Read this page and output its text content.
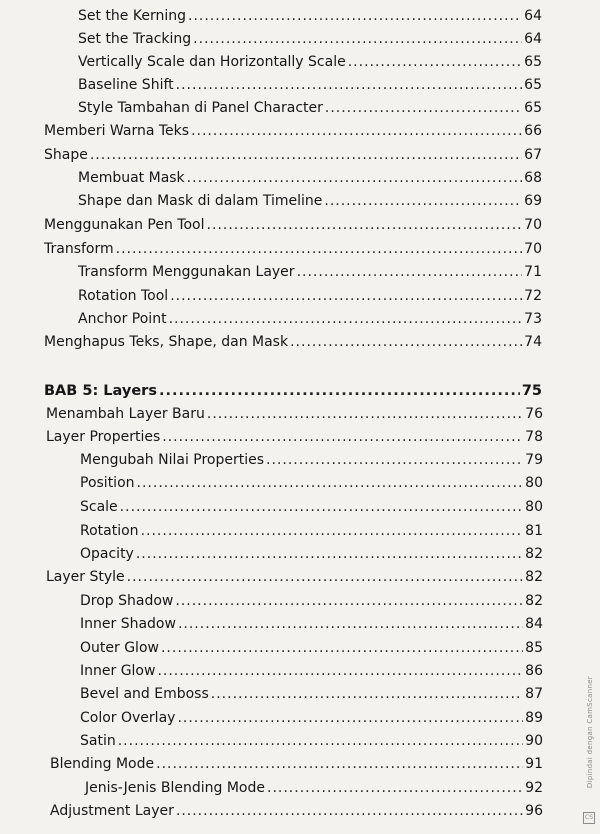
Set the Kerning .....	64
Set the Tracking .....	64
Vertically Scale dan Horizontally Scale .....	65
Baseline Shift .....	65
Style Tambahan di Panel Character .....	65
Memberi Warna Teks .....	66
Shape .....	67
Membuat Mask .....	68
Shape dan Mask di dalam Timeline .....	69
Menggunakan Pen Tool .....	70
Transform .....	70
Transform Menggunakan Layer .....	71
Rotation Tool .....	72
Anchor Point .....	73
Menghapus Teks, Shape, dan Mask .....	74
BAB 5: Layers .....	75
Menambah Layer Baru .....	76
Layer Properties .....	78
Mengubah Nilai Properties .....	79
Position .....	80
Scale .....	80
Rotation .....	81
Opacity .....	82
Layer Style .....	82
Drop Shadow .....	82
Inner Shadow .....	84
Outer Glow .....	85
Inner Glow .....	86
Bevel and Emboss .....	87
Color Overlay .....	89
Satin .....	90
Blending Mode .....	91
Jenis-Jenis Blending Mode .....	92
Adjustment Layer .....	96
Dipindai dengan CamScanner
CS
